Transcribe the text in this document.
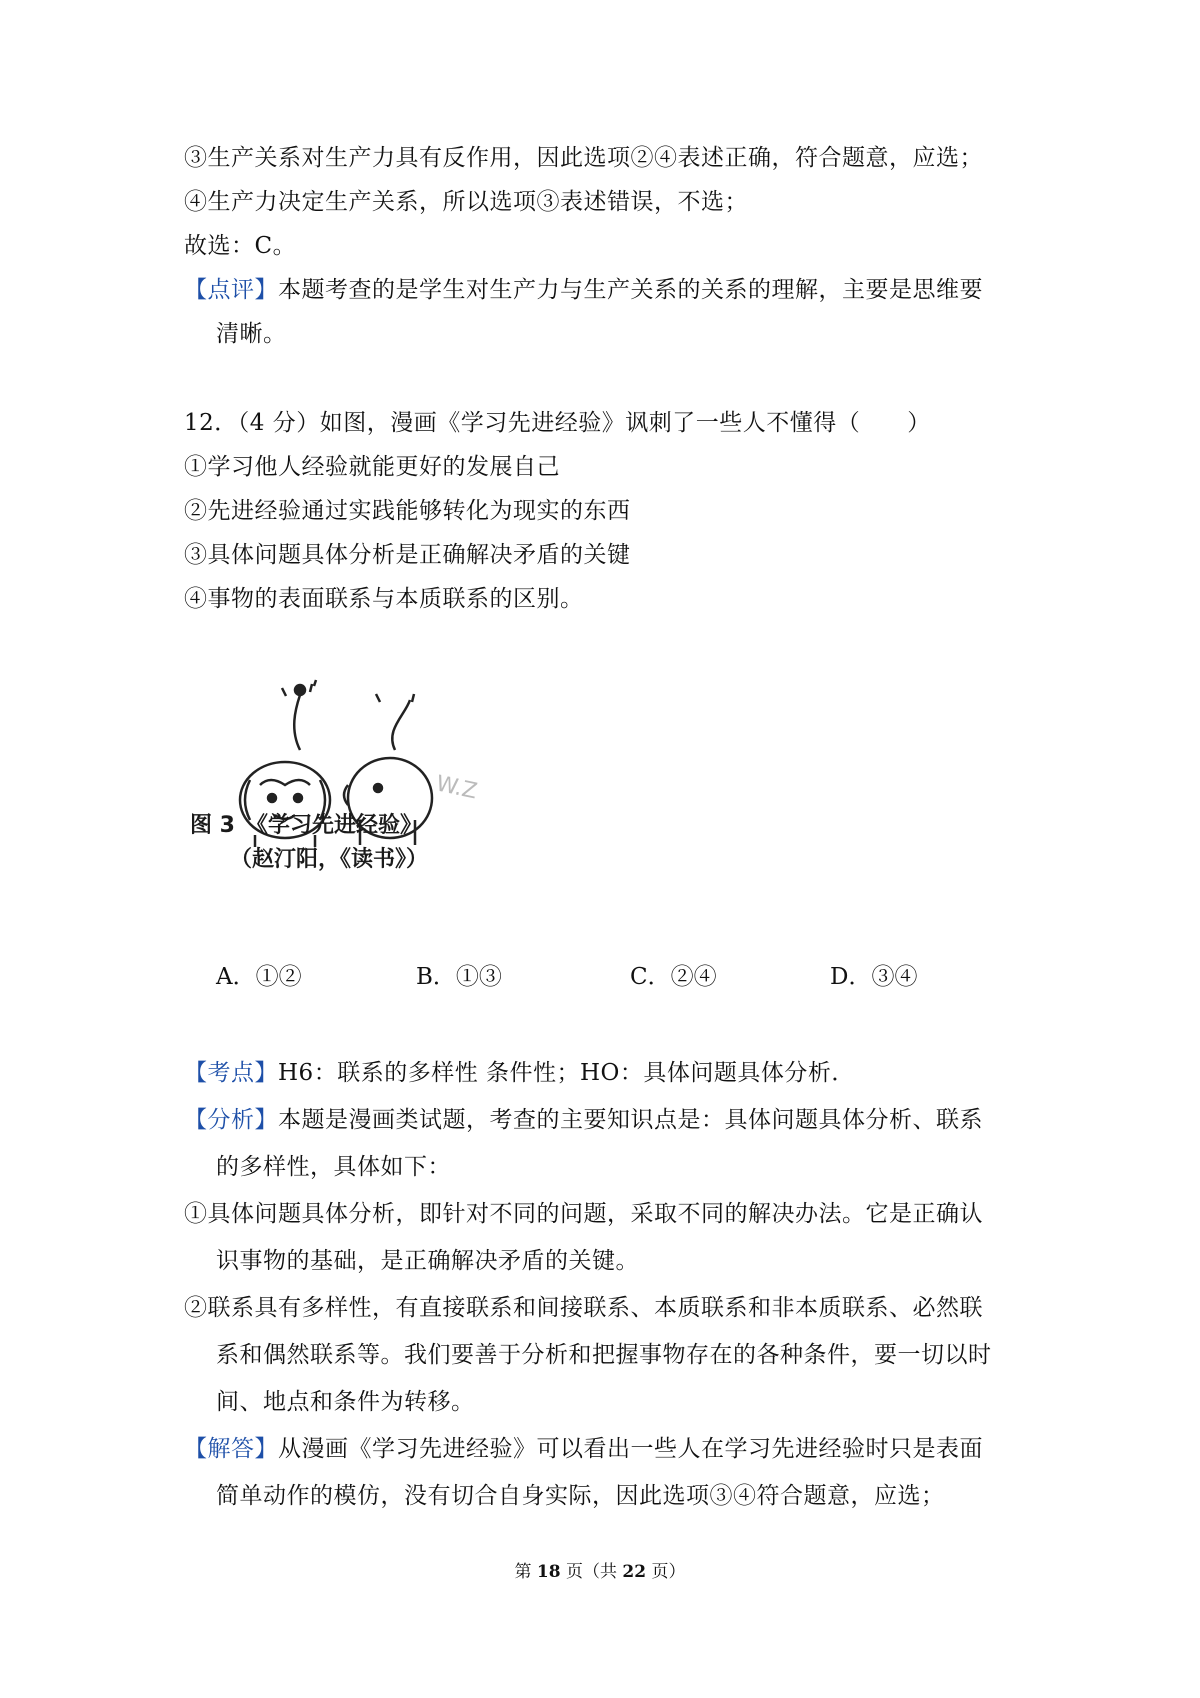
③生产关系对生产力具有反作用，因此选项②④表述正确，符合题意，应选；
④生产力决定生产关系，所以选项③表述错误，不选；
故选：C。
【点评】本题考查的是学生对生产力与生产关系的关系的理解，主要是思维要
清晰。
12．（4 分）如图，漫画《学习先进经验》讽刺了一些人不懂得（　　）
①学习他人经验就能更好的发展自己
②先进经验通过实践能够转化为现实的东西
③具体问题具体分析是正确解决矛盾的关键
④事物的表面联系与本质联系的区别。
W.Z
图 3　《学习先进经验》
（赵汀阳，《读书》）
A．①②	B．①③	C．②④	D．③④
【考点】H6：联系的多样性 条件性；HO：具体问题具体分析．
【分析】本题是漫画类试题，考查的主要知识点是：具体问题具体分析、联系
的多样性，具体如下：
①具体问题具体分析，即针对不同的问题，采取不同的解决办法。它是正确认
识事物的基础，是正确解决矛盾的关键。
②联系具有多样性，有直接联系和间接联系、本质联系和非本质联系、必然联
系和偶然联系等。我们要善于分析和把握事物存在的各种条件，要一切以时
间、地点和条件为转移。
【解答】从漫画《学习先进经验》可以看出一些人在学习先进经验时只是表面
简单动作的模仿，没有切合自身实际，因此选项③④符合题意，应选；
第 18 页（共 22 页）
